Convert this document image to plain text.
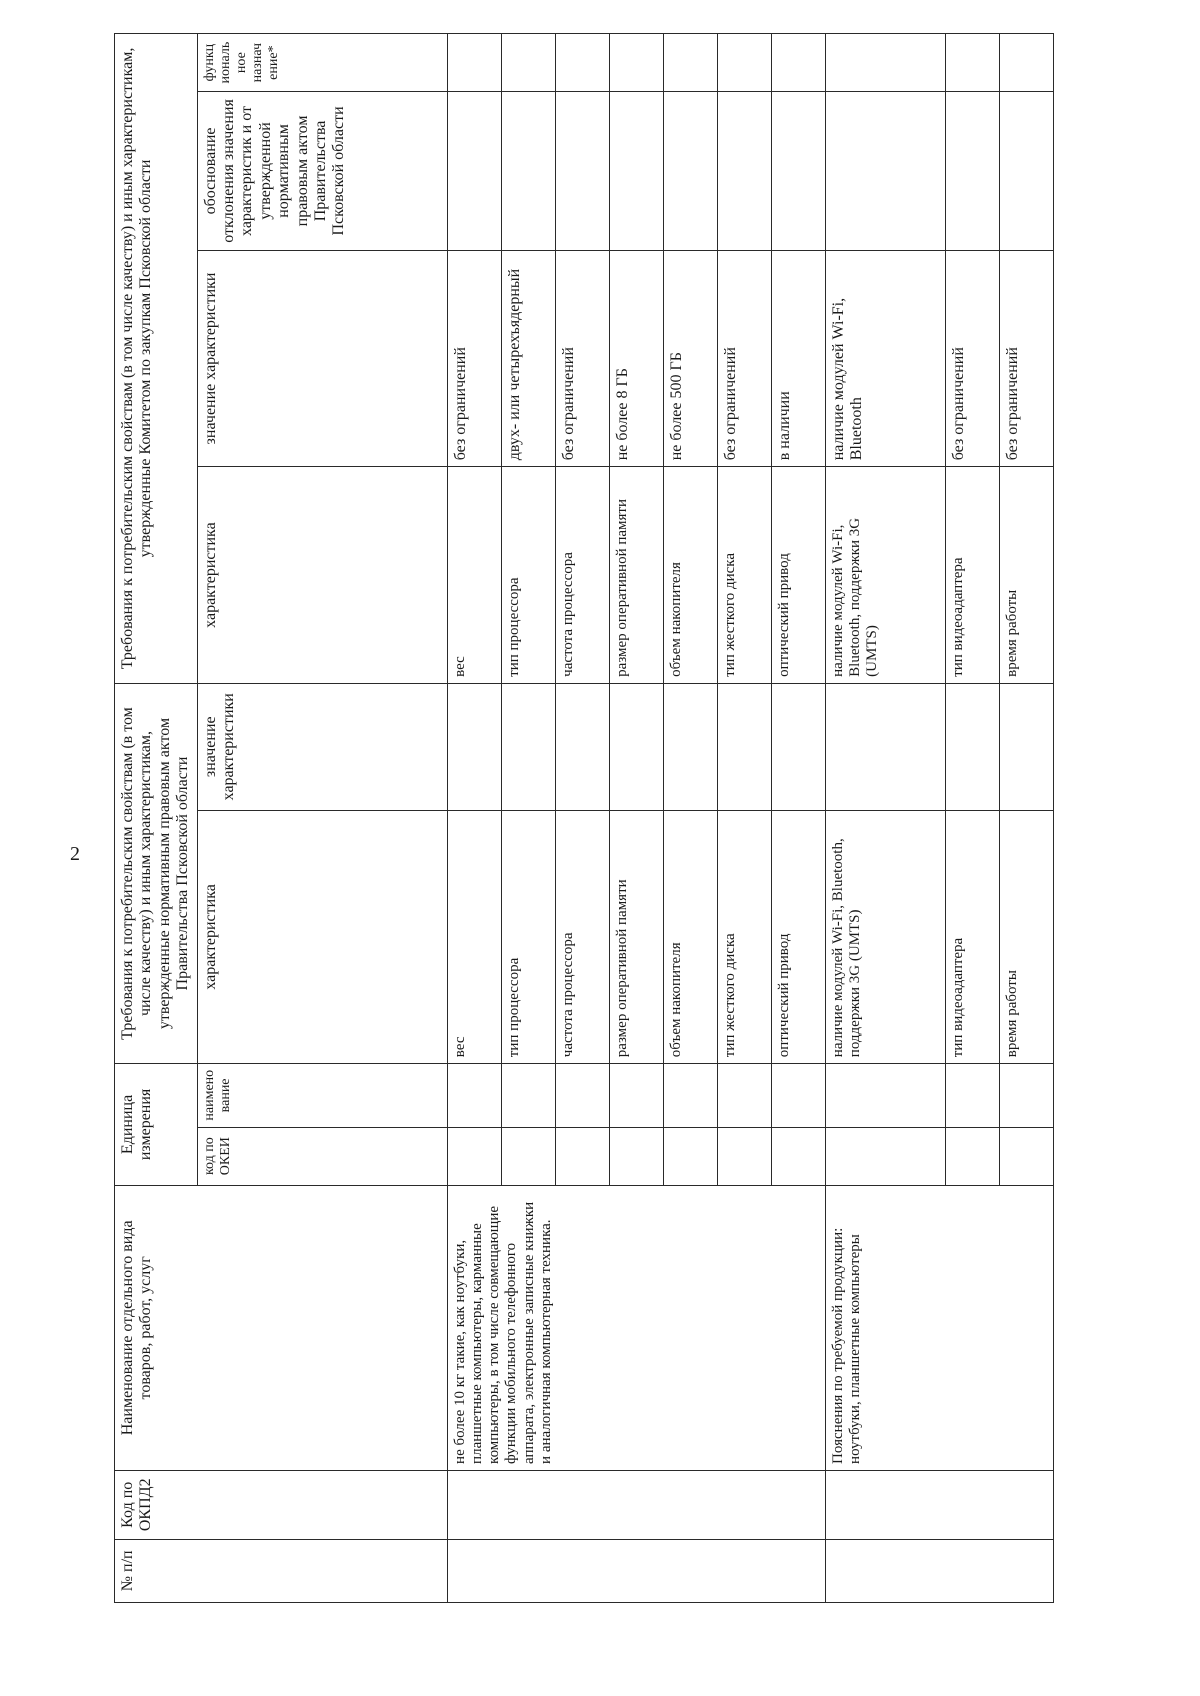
2
№ п/п	Код по ОКПД2	Наименование отдельного вида товаров, работ, услуг	Единица измерения		Требования к потребительским свойствам (в том числе качеству) и иным характеристикам, утвержденные нормативным правовым актом Правительства Псковской области		Требования к потребительским свойствам (в том числе качеству) и иным характеристикам, утвержденные Комитетом по закупкам Псковской области			
			код по ОКЕИ	наимено вание	характеристика	значение характеристики	характеристика	значение характеристики	обоснование отклонения значения характеристик и от утвержденной нормативным правовым актом Правительства Псковской области	функц иональ ное назнач ение*
		не более 10 кг такие, как ноутбуки, планшетные компьютеры, карманные компьютеры, в том числе совмещающие функции мобильного телефонного аппарата, электронные записные книжки и аналогичная компьютерная техника.			вес		вес	без ограничений		
					тип процессора		тип процессора	двух- или четырехъядерный		
					частота процессора		частота процессора	без ограничений		
					размер оперативной памяти		размер оперативной памяти	не более 8 ГБ		
					объем накопителя		объем накопителя	не более 500 ГБ		
					тип жесткого диска		тип жесткого диска	без ограничений		
					оптический привод		оптический привод	в наличии		
		Пояснения по требуемой продукции: ноутбуки, планшетные компьютеры			наличие модулей Wi-Fi, Bluetooth, поддержки 3G (UMTS)		наличие модулей Wi-Fi, Bluetooth, поддержки 3G (UMTS)	наличие модулей Wi-Fi, Bluetooth		
					тип видеоадаптера		тип видеоадаптера	без ограничений		
					время работы		время работы	без ограничений		
